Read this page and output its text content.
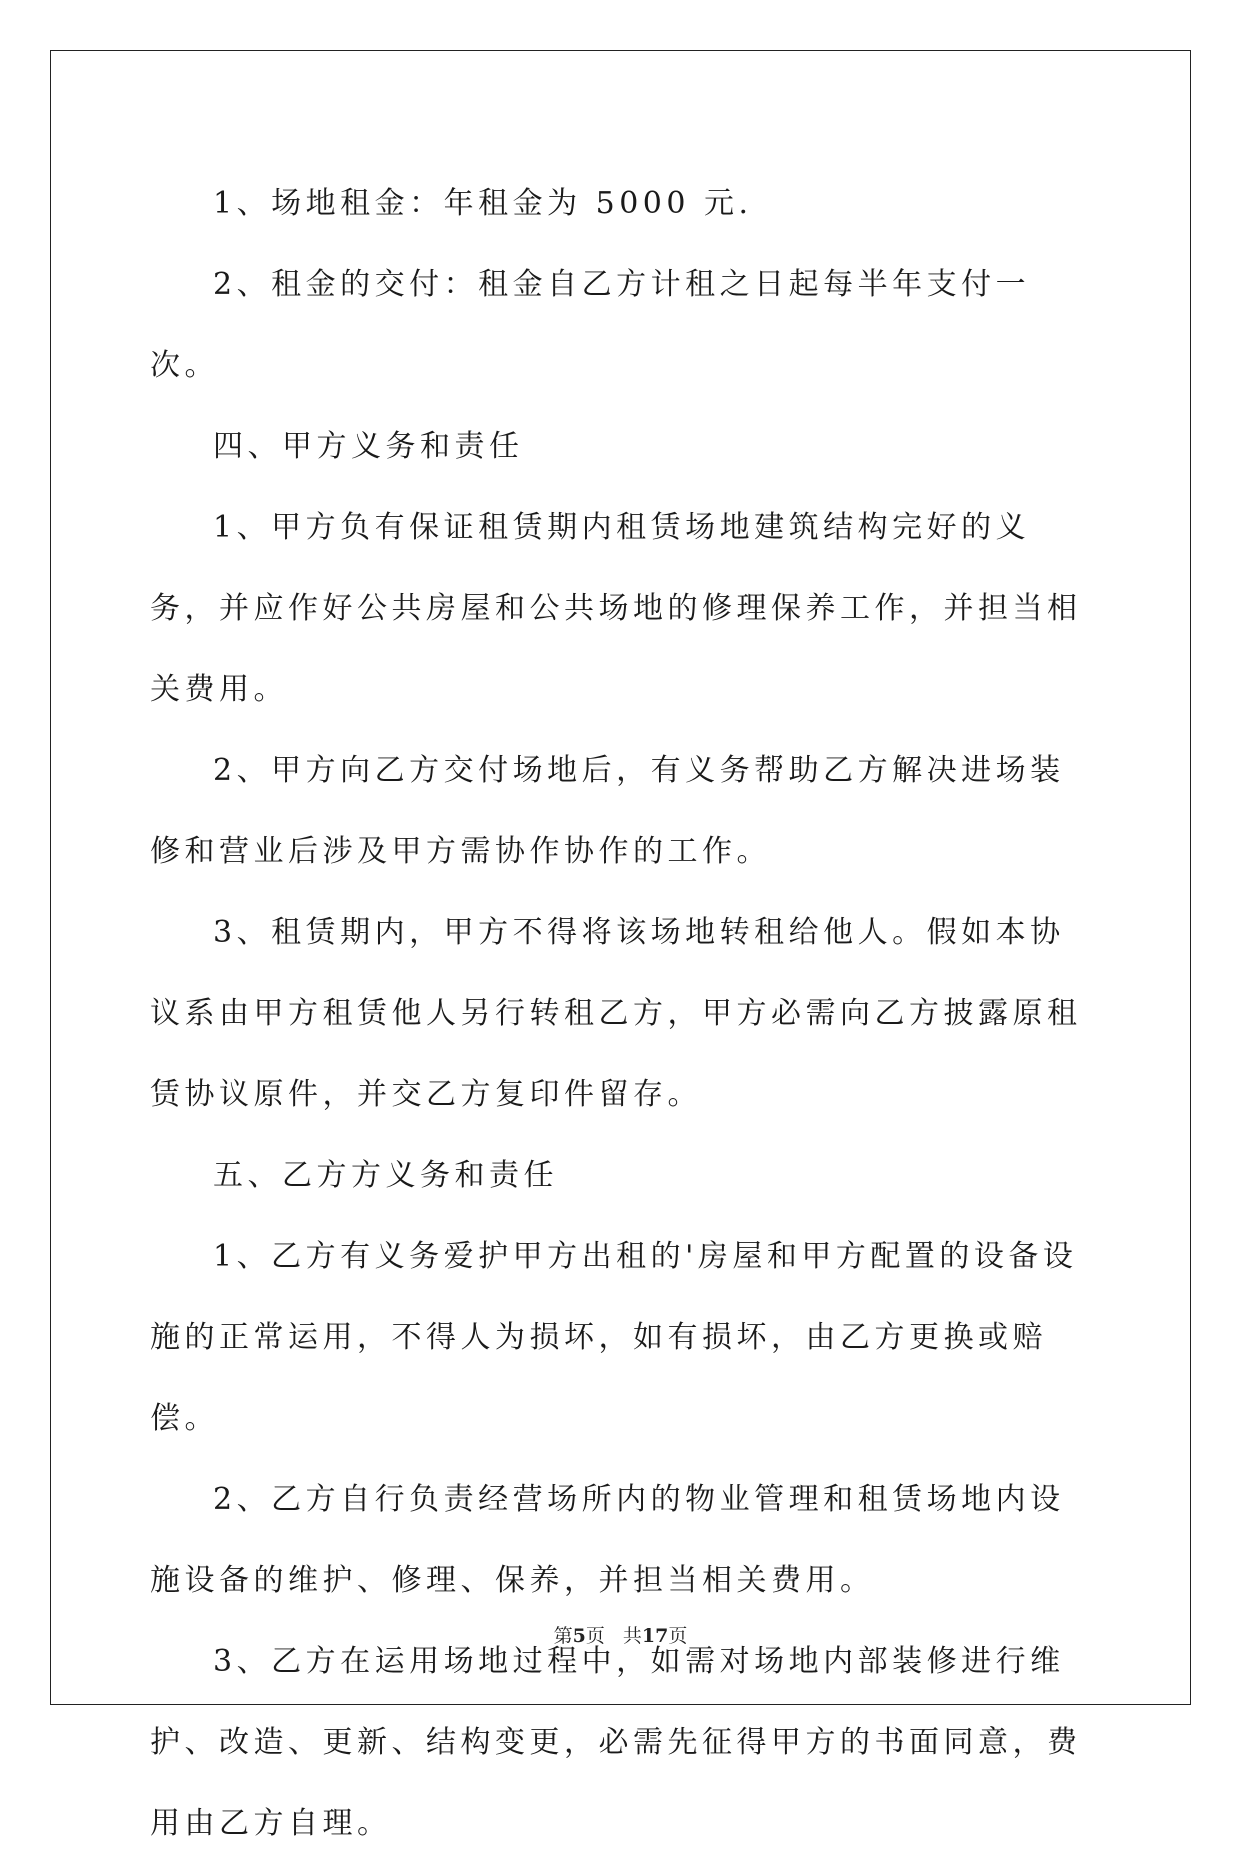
1、场地租金：年租金为 5000 元.

2、租金的交付：租金自乙方计租之日起每半年支付一次。

四、甲方义务和责任

1、甲方负有保证租赁期内租赁场地建筑结构完好的义务，并应作好公共房屋和公共场地的修理保养工作，并担当相关费用。

2、甲方向乙方交付场地后，有义务帮助乙方解决进场装修和营业后涉及甲方需协作协作的工作。

3、租赁期内，甲方不得将该场地转租给他人。假如本协议系由甲方租赁他人另行转租乙方，甲方必需向乙方披露原租赁协议原件，并交乙方复印件留存。

五、乙方方义务和责任

1、乙方有义务爱护甲方出租的'房屋和甲方配置的设备设施的正常运用，不得人为损坏，如有损坏，由乙方更换或赔偿。

2、乙方自行负责经营场所内的物业管理和租赁场地内设施设备的维护、修理、保养，并担当相关费用。

3、乙方在运用场地过程中，如需对场地内部装修进行维护、改造、更新、结构变更，必需先征得甲方的书面同意，费用由乙方自理。

第5页 共17页
